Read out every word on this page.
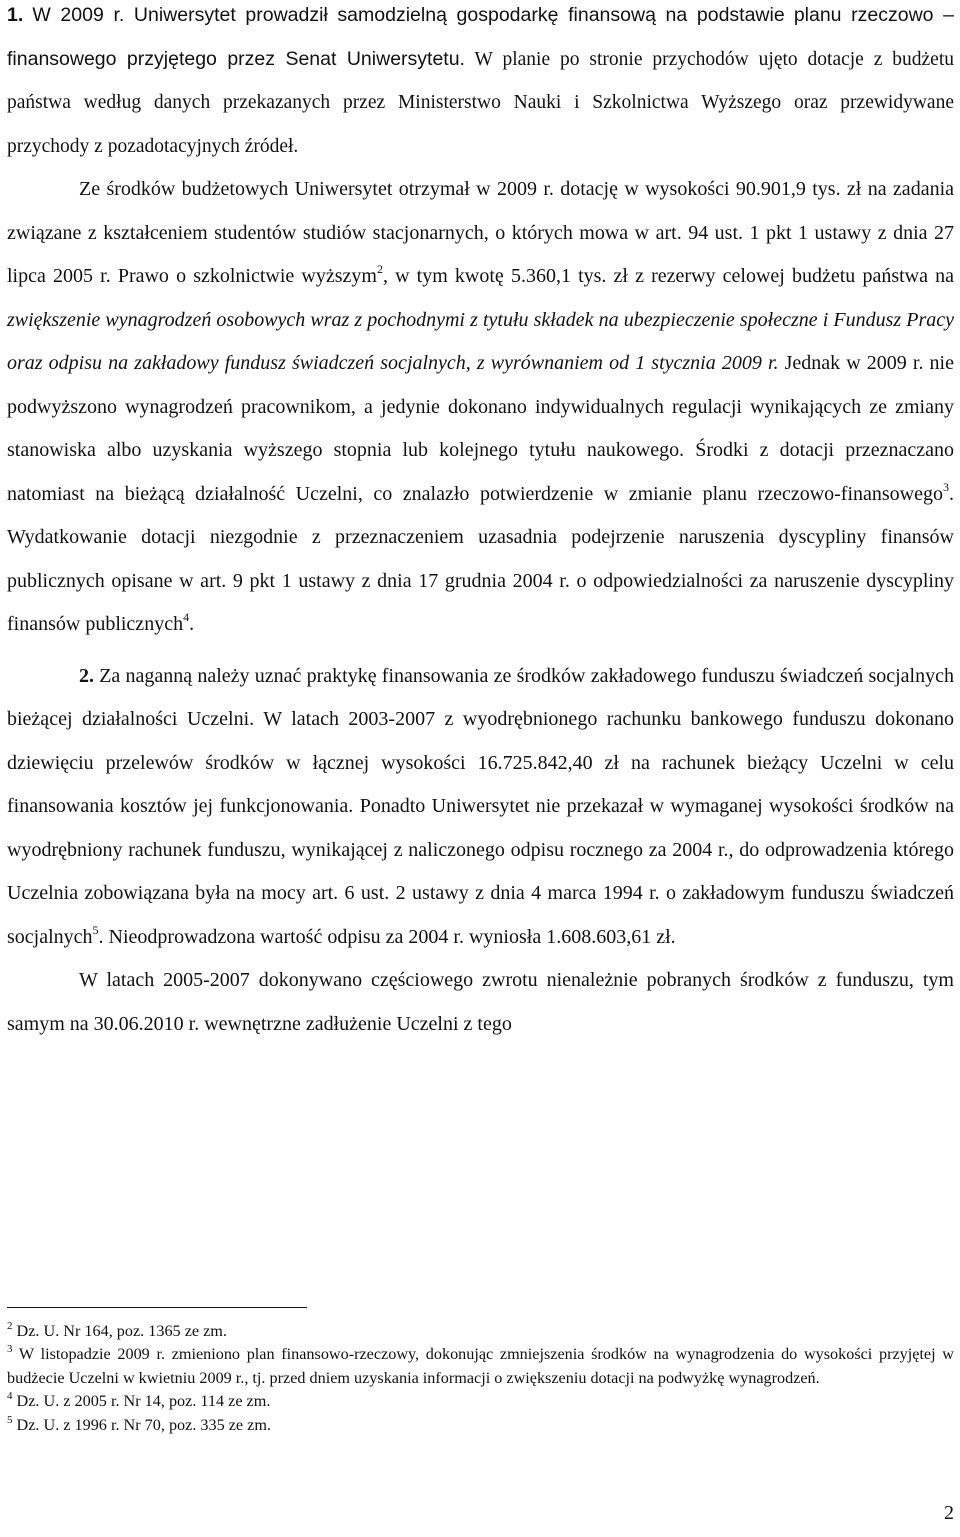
1. W 2009 r. Uniwersytet prowadził samodzielną gospodarkę finansową na podstawie planu rzeczowo – finansowego przyjętego przez Senat Uniwersytetu. W planie po stronie przychodów ujęto dotacje z budżetu państwa według danych przekazanych przez Ministerstwo Nauki i Szkolnictwa Wyższego oraz przewidywane przychody z pozadotacyjnych źródeł.

Ze środków budżetowych Uniwersytet otrzymał w 2009 r. dotację w wysokości 90.901,9 tys. zł na zadania związane z kształceniem studentów studiów stacjonarnych, o których mowa w art. 94 ust. 1 pkt 1 ustawy z dnia 27 lipca 2005 r. Prawo o szkolnictwie wyższym$^2$, w tym kwotę 5.360,1 tys. zł z rezerwy celowej budżetu państwa na zwiększenie wynagrodzeń osobowych wraz z pochodnymi z tytułu składek na ubezpieczenie społeczne i Fundusz Pracy oraz odpisu na zakładowy fundusz świadczeń socjalnych, z wyrównaniem od 1 stycznia 2009 r. Jednak w 2009 r. nie podwyższono wynagrodzeń pracownikom, a jedynie dokonano indywidualnych regulacji wynikających ze zmiany stanowiska albo uzyskania wyższego stopnia lub kolejnego tytułu naukowego. Środki z dotacji przeznaczano natomiast na bieżącą działalność Uczelni, co znalazło potwierdzenie w zmianie planu rzeczowo-finansowego$^3$. Wydatkowanie dotacji niezgodnie z przeznaczeniem uzasadnia podejrzenie naruszenia dyscypliny finansów publicznych opisane w art. 9 pkt 1 ustawy z dnia 17 grudnia 2004 r. o odpowiedzialności za naruszenie dyscypliny finansów publicznych$^4$.

2. Za naganną należy uznać praktykę finansowania ze środków zakładowego funduszu świadczeń socjalnych bieżącej działalności Uczelni. W latach 2003-2007 z wyodrębnionego rachunku bankowego funduszu dokonano dziewięciu przelewów środków w łącznej wysokości 16.725.842,40 zł na rachunek bieżący Uczelni w celu finansowania kosztów jej funkcjonowania. Ponadto Uniwersytet nie przekazał w wymaganej wysokości środków na wyodrębniony rachunek funduszu, wynikającej z naliczonego odpisu rocznego za 2004 r., do odprowadzenia którego Uczelnia zobowiązana była na mocy art. 6 ust. 2 ustawy z dnia 4 marca 1994 r. o zakładowym funduszu świadczeń socjalnych$^5$. Nieodprowadzona wartość odpisu za 2004 r. wyniosła 1.608.603,61 zł.

W latach 2005-2007 dokonywano częściowego zwrotu nienależnie pobranych środków z funduszu, tym samym na 30.06.2010 r. wewnętrzne zadłużenie Uczelni z tego

$^2$ Dz. U. Nr 164, poz. 1365 ze zm.

$^3$ W listopadzie 2009 r. zmieniono plan finansowo-rzeczowy, dokonując zmniejszenia środków na wynagrodzenia do wysokości przyjętej w budżecie Uczelni w kwietniu 2009 r., tj. przed dniem uzyskania informacji o zwiększeniu dotacji na podwyżkę wynagrodzeń.

$^4$ Dz. U. z 2005 r. Nr 14, poz. 114 ze zm.

$^5$ Dz. U. z 1996 r. Nr 70, poz. 335 ze zm.

2
